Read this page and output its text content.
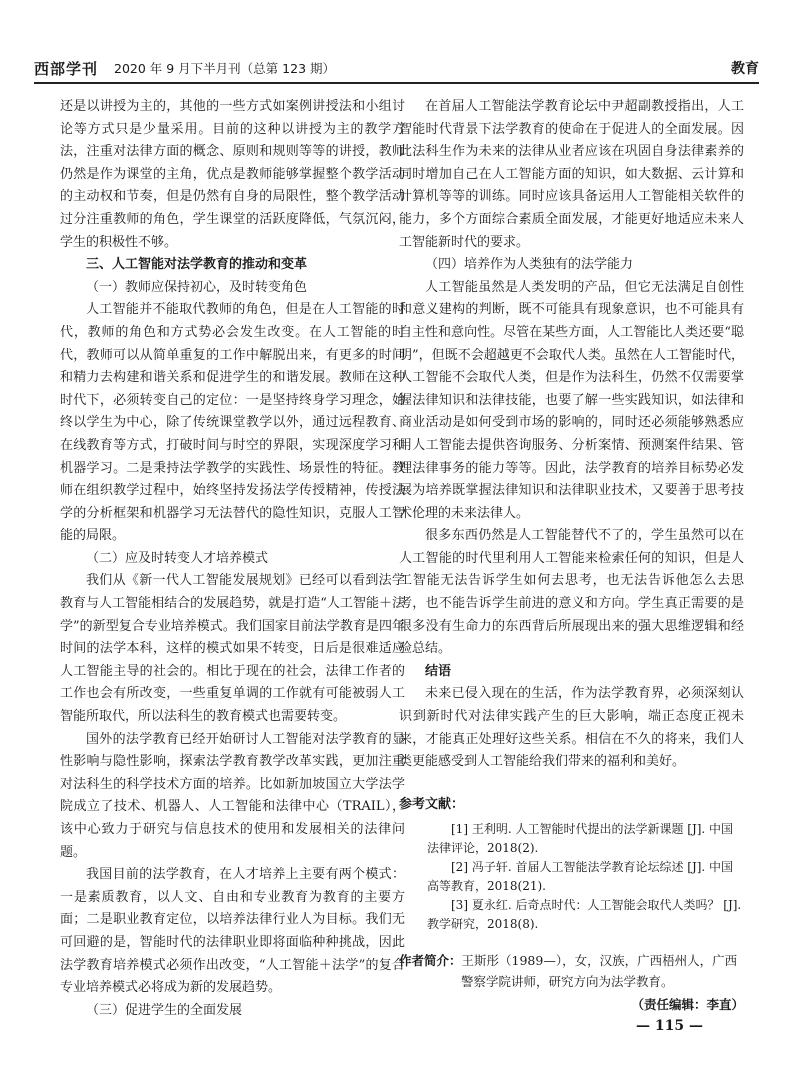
西部学刊 2020 年 9 月下半月刊（总第 123 期）	教育

还是以讲授为主的，其他的一些方式如案例讲授法和小组讨论等方式只是少量采用。目前的这种以讲授为主的教学方法，注重对法律方面的概念、原则和规则等等的讲授，教师仍然是作为课堂的主角，优点是教师能够掌握整个教学活动的主动权和节奏，但是仍然有自身的局限性，整个教学活动过分注重教师的角色，学生课堂的活跃度降低，气氛沉闷，学生的积极性不够。

三、人工智能对法学教育的推动和变革
（一）教师应保持初心，及时转变角色

人工智能并不能取代教师的角色，但是在人工智能的时代，教师的角色和方式势必会发生改变。在人工智能的时代，教师可以从简单重复的工作中解脱出来，有更多的时间和精力去构建和谐关系和促进学生的和谐发展。教师在这种时代下，必须转变自己的定位：一是坚持终身学习理念，始终以学生为中心，除了传统课堂教学以外，通过远程教育、在线教育等方式，打破时间与时空的界限，实现深度学习和机器学习。二是秉持法学教学的实践性、场景性的特征。教师在组织教学过程中，始终坚持发扬法学传授精神，传授法学的分析框架和机器学习无法替代的隐性知识，克服人工智能的局限。

（二）应及时转变人才培养模式

我们从《新一代人工智能发展规划》已经可以看到法学教育与人工智能相结合的发展趋势，就是打造“人工智能＋法学”的新型复合专业培养模式。我们国家目前法学教育是四年时间的法学本科，这样的模式如果不转变，日后是很难适应人工智能主导的社会的。相比于现在的社会，法律工作者的工作也会有所改变，一些重复单调的工作就有可能被弱人工智能所取代，所以法科生的教育模式也需要转变。

国外的法学教育已经开始研讨人工智能对法学教育的显性影响与隐性影响，探索法学教育教学改革实践，更加注重对法科生的科学技术方面的培养。比如新加坡国立大学法学院成立了技术、机器人、人工智能和法律中心（TRAIL），该中心致力于研究与信息技术的使用和发展相关的法律问题。

我国目前的法学教育，在人才培养上主要有两个模式：一是素质教育，以人文、自由和专业教育为教育的主要方面；二是职业教育定位，以培养法律行业人为目标。我们无可回避的是，智能时代的法律职业即将面临种种挑战，因此法学教育培养模式必须作出改变，“人工智能＋法学”的复合专业培养模式必将成为新的发展趋势。

（三）促进学生的全面发展

在首届人工智能法学教育论坛中尹超副教授指出，人工智能时代背景下法学教育的使命在于促进人的全面发展。因此法科生作为未来的法律从业者应该在巩固自身法律素养的同时增加自己在人工智能方面的知识，如大数据、云计算和计算机等等的训练。同时应该具备运用人工智能相关软件的能力，多个方面综合素质全面发展，才能更好地适应未来人工智能新时代的要求。

（四）培养作为人类独有的法学能力

人工智能虽然是人类发明的产品，但它无法满足自创性和意义建构的判断，既不可能具有现象意识，也不可能具有自主性和意向性。尽管在某些方面，人工智能比人类还要“聪明”，但既不会超越更不会取代人类。虽然在人工智能时代，人工智能不会取代人类，但是作为法科生，仍然不仅需要掌握法律知识和法律技能，也要了解一些实践知识，如法律和商业活动是如何受到市场的影响的，同时还必须能够熟悉应用人工智能去提供咨询服务、分析案情、预测案件结果、管理法律事务的能力等等。因此，法学教育的培养目标势必发展为培养既掌握法律知识和法律职业技术，又要善于思考技术伦理的未来法律人。

很多东西仍然是人工智能替代不了的，学生虽然可以在人工智能的时代里利用人工智能来检索任何的知识，但是人工智能无法告诉学生如何去思考，也无法告诉他怎么去思考，也不能告诉学生前进的意义和方向。学生真正需要的是很多没有生命力的东西背后所展现出来的强大思维逻辑和经验总结。

结语

未来已侵入现在的生活，作为法学教育界，必须深刻认识到新时代对法律实践产生的巨大影响，端正态度正视未来，才能真正处理好这些关系。相信在不久的将来，我们人类更能感受到人工智能给我们带来的福利和美好。

参考文献：

[1] 王利明. 人工智能时代提出的法学新课题 [J]. 中国法律评论，2018(2).

[2] 冯子轩. 首届人工智能法学教育论坛综述 [J]. 中国高等教育，2018(21).

[3] 夏永红. 后奇点时代：人工智能会取代人类吗？ [J]. 教学研究，2018(8).

作者简介：王斯彤（1989—），女，汉族，广西梧州人，广西警察学院讲师，研究方向为法学教育。
（责任编辑：李直）
— 115 —
